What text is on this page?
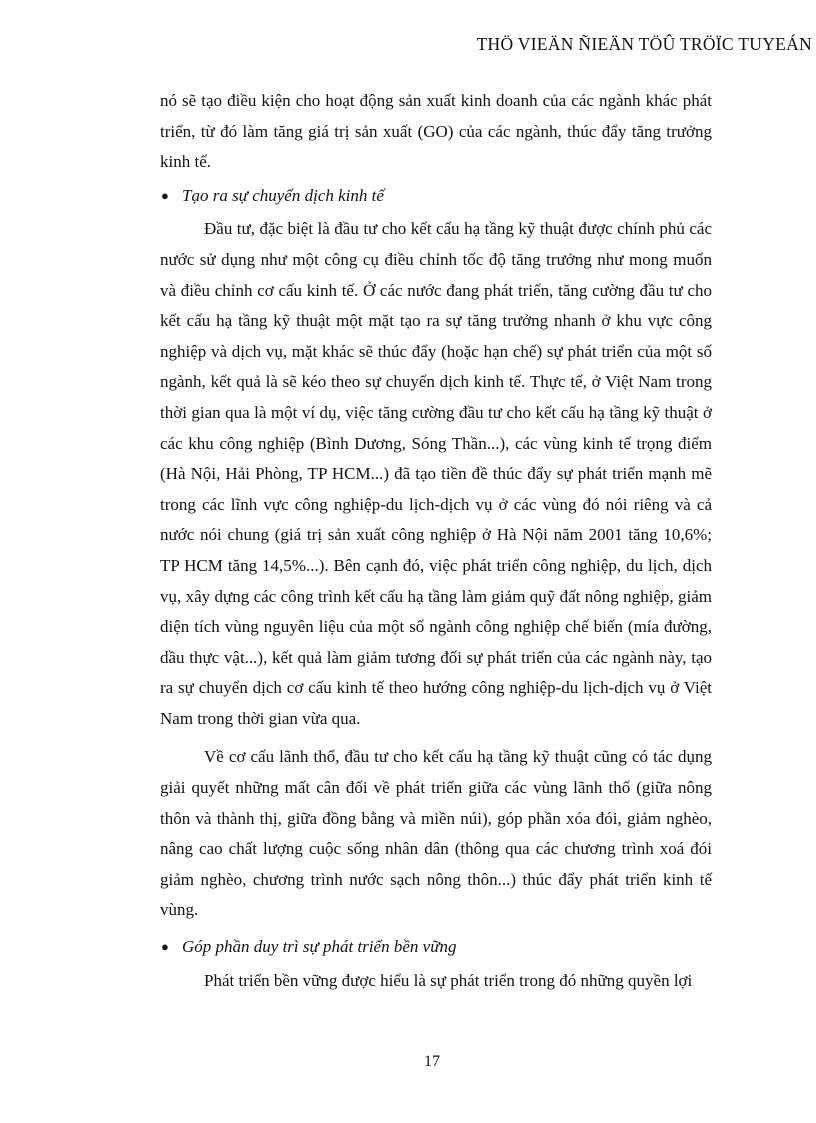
THÖ VIEÄN ÑIEÄN TÖÛ TRÖÏC TUYEÁN

nó sẽ tạo điều kiện cho hoạt động sản xuất kinh doanh của các ngành khác phát triển, từ đó làm tăng giá trị sản xuất (GO) của các ngành, thúc đẩy tăng trưởng kinh tế.

● Tạo ra sự chuyển dịch kinh tế

Đầu tư, đặc biệt là đầu tư cho kết cấu hạ tầng kỹ thuật được chính phủ các nước sử dụng như một công cụ điều chỉnh tốc độ tăng trưởng như mong muốn và điều chỉnh cơ cấu kinh tế. Ở các nước đang phát triển, tăng cường đầu tư cho kết cấu hạ tầng kỹ thuật một mặt tạo ra sự tăng trưởng nhanh ở khu vực công nghiệp và dịch vụ, mặt khác sẽ thúc đẩy (hoặc hạn chế) sự phát triển của một số ngành, kết quả là sẽ kéo theo sự chuyển dịch kinh tế. Thực tế, ở Việt Nam trong thời gian qua là một ví dụ, việc tăng cường đầu tư cho kết cấu hạ tầng kỹ thuật ở các khu công nghiệp (Bình Dương, Sóng Thần...), các vùng kinh tế trọng điểm (Hà Nội, Hải Phòng, TP HCM...) đã tạo tiền đề thúc đẩy sự phát triển mạnh mẽ trong các lĩnh vực công nghiệp-du lịch-dịch vụ ở các vùng đó nói riêng và cả nước nói chung (giá trị sản xuất công nghiệp ở Hà Nội năm 2001 tăng 10,6%; TP HCM tăng 14,5%...). Bên cạnh đó, việc phát triển công nghiệp, du lịch, dịch vụ, xây dựng các công trình kết cấu hạ tầng làm giảm quỹ đất nông nghiệp, giảm diện tích vùng nguyên liệu của một số ngành công nghiệp chế biến (mía đường, dầu thực vật...), kết quả làm giảm tương đối sự phát triển của các ngành này, tạo ra sự chuyển dịch cơ cấu kinh tế theo hướng công nghiệp-du lịch-dịch vụ ở Việt Nam trong thời gian vừa qua.

Về cơ cấu lãnh thổ, đầu tư cho kết cấu hạ tầng kỹ thuật cũng có tác dụng giải quyết những mất cân đối về phát triển giữa các vùng lãnh thổ (giữa nông thôn và thành thị, giữa đồng bằng và miền núi), góp phần xóa đói, giảm nghèo, nâng cao chất lượng cuộc sống nhân dân (thông qua các chương trình xoá đói giảm nghèo, chương trình nước sạch nông thôn...) thúc đẩy phát triển kinh tế vùng.

● Góp phần duy trì sự phát triển bền vững

Phát triển bền vững được hiểu là sự phát triển trong đó những quyền lợi

17
